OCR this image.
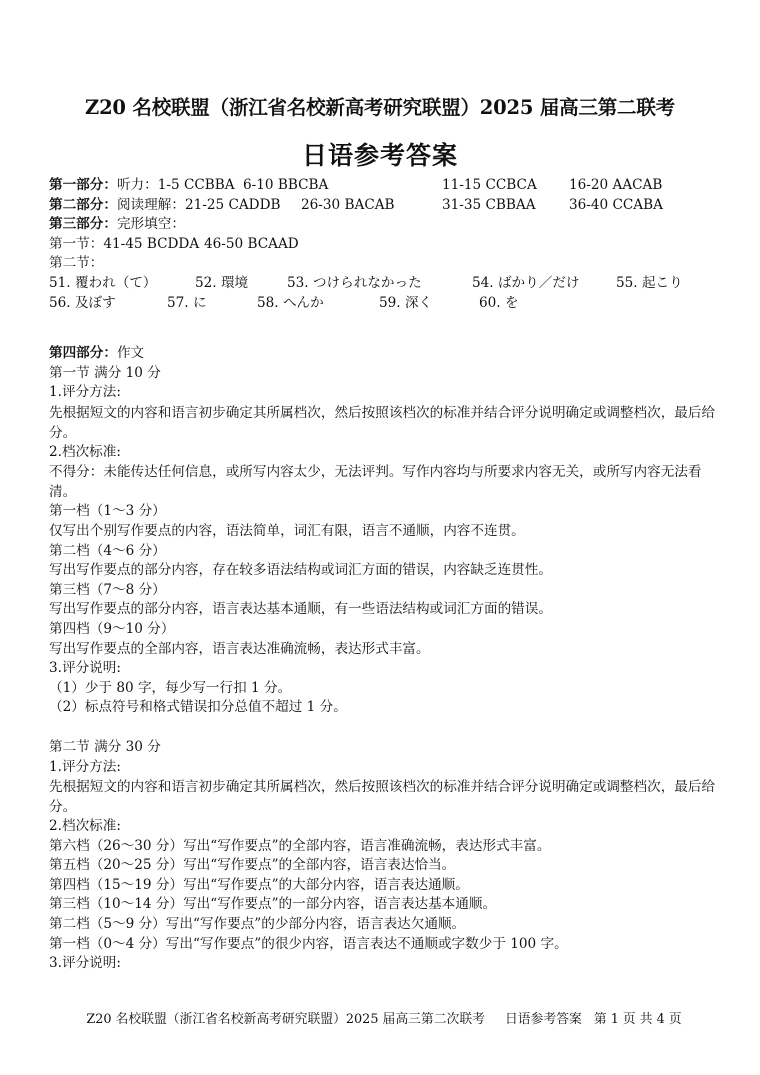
Z20 名校联盟（浙江省名校新高考研究联盟）2025 届高三第二联考
日语参考答案
第一部分：听力：1-5 CCBBA 6-10 BBCBA	11-15 CCBCA 16-20 AACAB
第二部分：阅读理解：21-25 CADDB 26-30 BACAB	31-35 CBBAA 36-40 CCABA
第三部分：完形填空：
第一节：41-45 BCDDA 46-50 BCAAD
第二节：
51. 覆われ（て）	52. 環境	53. つけられなかった	54. ばかり／だけ	55. 起こり
56. 及ぼす	57. に	58. へんか	59. 深く	60. を
第四部分：作文
第一节 满分 10 分
1.评分方法:
先根据短文的内容和语言初步确定其所属档次，然后按照该档次的标准并结合评分说明确定或调整档次，最后给分。
2.档次标准:
不得分：未能传达任何信息，或所写内容太少，无法评判。写作内容均与所要求内容无关，或所写内容无法看清。
第一档（1～3 分）
仅写出个别写作要点的内容，语法简单，词汇有限，语言不通顺，内容不连贯。
第二档（4～6 分）
写出写作要点的部分内容，存在较多语法结构或词汇方面的错误，内容缺乏连贯性。
第三档（7～8 分）
写出写作要点的部分内容，语言表达基本通顺，有一些语法结构或词汇方面的错误。
第四档（9～10 分）
写出写作要点的全部内容，语言表达准确流畅，表达形式丰富。
3.评分说明:
（1）少于 80 字，每少写一行扣 1 分。
（2）标点符号和格式错误扣分总值不超过 1 分。
第二节 满分 30 分
1.评分方法:
先根据短文的内容和语言初步确定其所属档次，然后按照该档次的标准并结合评分说明确定或调整档次，最后给分。
2.档次标准:
第六档（26～30 分）写出“写作要点”的全部内容，语言准确流畅，表达形式丰富。
第五档（20～25 分）写出“写作要点”的全部内容，语言表达恰当。
第四档（15～19 分）写出“写作要点”的大部分内容，语言表达通顺。
第三档（10～14 分）写出“写作要点”的一部分内容，语言表达基本通顺。
第二档（5～9 分）写出“写作要点”的少部分内容，语言表达欠通顺。
第一档（0～4 分）写出“写作要点”的很少内容，语言表达不通顺或字数少于 100 字。
3.评分说明:
Z20 名校联盟（浙江省名校新高考研究联盟）2025 届高三第二次联考 日语参考答案 第 1 页 共 4 页
